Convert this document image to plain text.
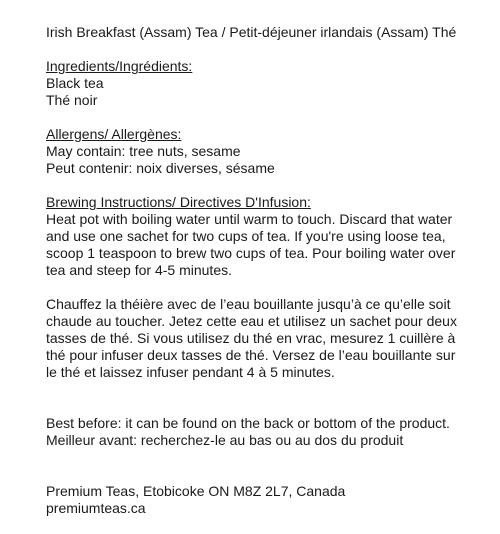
Irish Breakfast (Assam) Tea / Petit-déjeuner irlandais (Assam) Thé
Ingredients/Ingrédients:
Black tea
Thé noir
Allergens/ Allergènes:
May contain: tree nuts, sesame
Peut contenir: noix diverses, sésame
Brewing Instructions/ Directives D'Infusion:
Heat pot with boiling water until warm to touch. Discard that water
and use one sachet for two cups of tea. If you're using loose tea,
scoop 1 teaspoon to brew two cups of tea. Pour boiling water over
tea and steep for 4-5 minutes.
Chauffez la théière avec de l’eau bouillante jusqu’à ce qu’elle soit
chaude au toucher. Jetez cette eau et utilisez un sachet pour deux
tasses de thé. Si vous utilisez du thé en vrac, mesurez 1 cuillère à
thé pour infuser deux tasses de thé. Versez de l’eau bouillante sur
le thé et laissez infuser pendant 4 à 5 minutes.
Best before: it can be found on the back or bottom of the product.
Meilleur avant: recherchez-le au bas ou au dos du produit
Premium Teas, Etobicoke ON M8Z 2L7, Canada
premiumteas.ca
